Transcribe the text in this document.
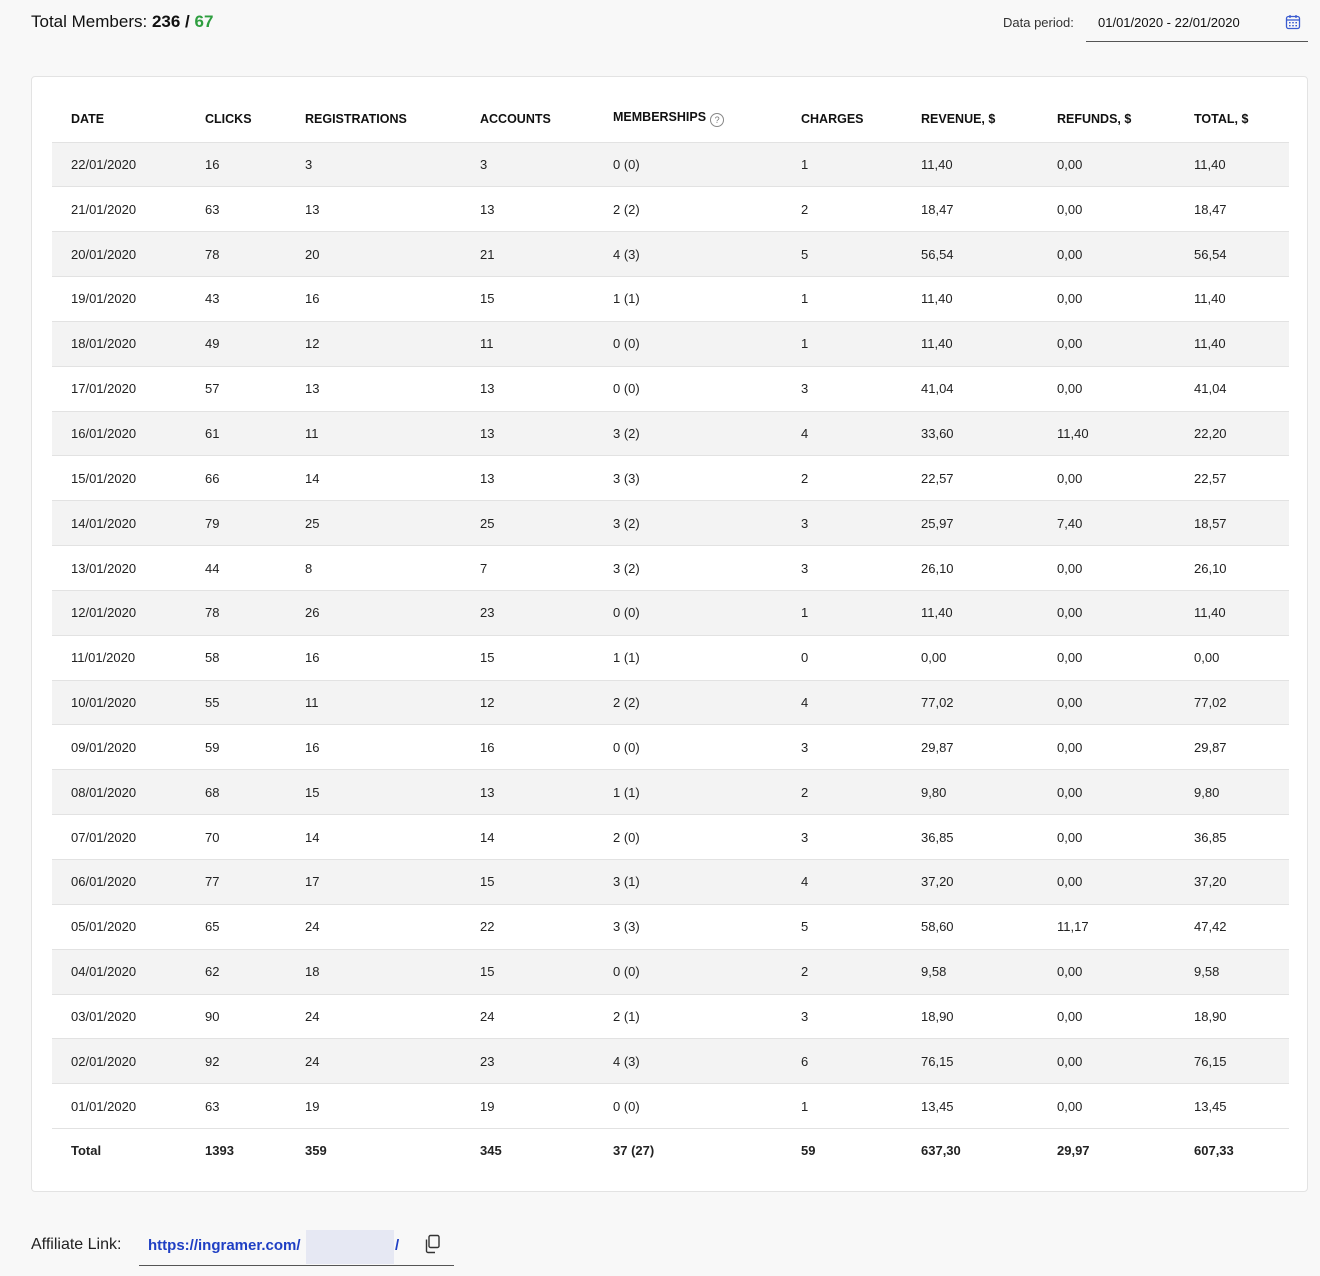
Total Members: 236 / 67	Data period: 01/01/2020 - 22/01/2020
DATE	CLICKS	REGISTRATIONS	ACCOUNTS	MEMBERSHIPS ?	CHARGES	REVENUE, $	REFUNDS, $	TOTAL, $
22/01/2020	16	3	3	0 (0)	1	11,40	0,00	11,40
21/01/2020	63	13	13	2 (2)	2	18,47	0,00	18,47
20/01/2020	78	20	21	4 (3)	5	56,54	0,00	56,54
19/01/2020	43	16	15	1 (1)	1	11,40	0,00	11,40
18/01/2020	49	12	11	0 (0)	1	11,40	0,00	11,40
17/01/2020	57	13	13	0 (0)	3	41,04	0,00	41,04
16/01/2020	61	11	13	3 (2)	4	33,60	11,40	22,20
15/01/2020	66	14	13	3 (3)	2	22,57	0,00	22,57
14/01/2020	79	25	25	3 (2)	3	25,97	7,40	18,57
13/01/2020	44	8	7	3 (2)	3	26,10	0,00	26,10
12/01/2020	78	26	23	0 (0)	1	11,40	0,00	11,40
11/01/2020	58	16	15	1 (1)	0	0,00	0,00	0,00
10/01/2020	55	11	12	2 (2)	4	77,02	0,00	77,02
09/01/2020	59	16	16	0 (0)	3	29,87	0,00	29,87
08/01/2020	68	15	13	1 (1)	2	9,80	0,00	9,80
07/01/2020	70	14	14	2 (0)	3	36,85	0,00	36,85
06/01/2020	77	17	15	3 (1)	4	37,20	0,00	37,20
05/01/2020	65	24	22	3 (3)	5	58,60	11,17	47,42
04/01/2020	62	18	15	0 (0)	2	9,58	0,00	9,58
03/01/2020	90	24	24	2 (1)	3	18,90	0,00	18,90
02/01/2020	92	24	23	4 (3)	6	76,15	0,00	76,15
01/01/2020	63	19	19	0 (0)	1	13,45	0,00	13,45
Total	1393	359	345	37 (27)	59	637,30	29,97	607,33
Affiliate Link: https://ingramer.com/	/
